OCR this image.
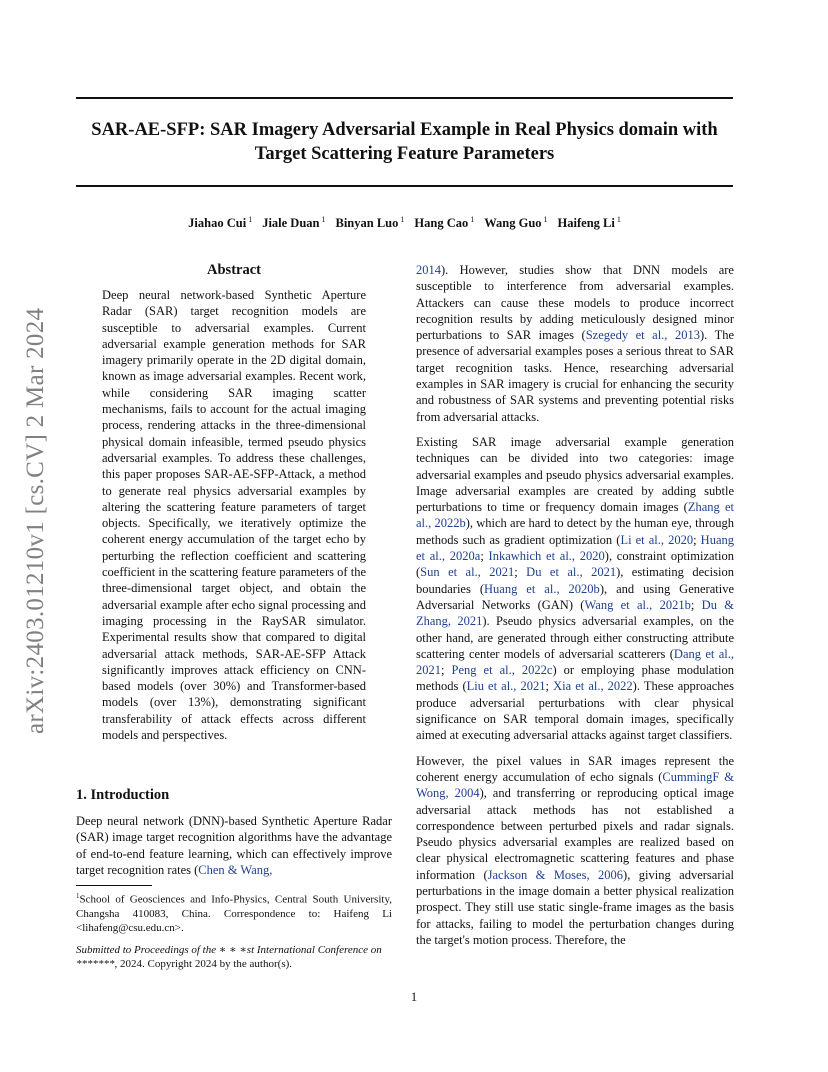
SAR-AE-SFP: SAR Imagery Adversarial Example in Real Physics domain with Target Scattering Feature Parameters
Jiahao Cui $^1$ Jiale Duan $^1$ Binyan Luo $^1$ Hang Cao $^1$ Wang Guo $^1$ Haifeng Li $^1$
arXiv:2403.01210v1 [cs.CV] 2 Mar 2024
Abstract
Deep neural network-based Synthetic Aperture Radar (SAR) target recognition models are susceptible to adversarial examples. Current adversarial example generation methods for SAR imagery primarily operate in the 2D digital domain, known as image adversarial examples. Recent work, while considering SAR imaging scatter mechanisms, fails to account for the actual imaging process, rendering attacks in the three-dimensional physical domain infeasible, termed pseudo physics adversarial examples. To address these challenges, this paper proposes SAR-AE-SFP-Attack, a method to generate real physics adversarial examples by altering the scattering feature parameters of target objects. Specifically, we iteratively optimize the coherent energy accumulation of the target echo by perturbing the reflection coefficient and scattering coefficient in the scattering feature parameters of the three-dimensional target object, and obtain the adversarial example after echo signal processing and imaging processing in the RaySAR simulator. Experimental results show that compared to digital adversarial attack methods, SAR-AE-SFP Attack significantly improves attack efficiency on CNN-based models (over 30%) and Transformer-based models (over 13%), demonstrating significant transferability of attack effects across different models and perspectives.
1. Introduction
Deep neural network (DNN)-based Synthetic Aperture Radar (SAR) image target recognition algorithms have the advantage of end-to-end feature learning, which can effectively improve target recognition rates (Chen & Wang,
$^1$School of Geosciences and Info-Physics, Central South University, Changsha 410083, China. Correspondence to: Haifeng Li <lihafeng@csu.edu.cn>.
Submitted to Proceedings of the ∗ ∗ ∗st International Conference on *******, 2024. Copyright 2024 by the author(s).

2014). However, studies show that DNN models are susceptible to interference from adversarial examples. Attackers can cause these models to produce incorrect recognition results by adding meticulously designed minor perturbations to SAR images (Szegedy et al., 2013). The presence of adversarial examples poses a serious threat to SAR target recognition tasks. Hence, researching adversarial examples in SAR imagery is crucial for enhancing the security and robustness of SAR systems and preventing potential risks from adversarial attacks.

Existing SAR image adversarial example generation techniques can be divided into two categories: image adversarial examples and pseudo physics adversarial examples. Image adversarial examples are created by adding subtle perturbations to time or frequency domain images (Zhang et al., 2022b), which are hard to detect by the human eye, through methods such as gradient optimization (Li et al., 2020; Huang et al., 2020a; Inkawhich et al., 2020), constraint optimization (Sun et al., 2021; Du et al., 2021), estimating decision boundaries (Huang et al., 2020b), and using Generative Adversarial Networks (GAN) (Wang et al., 2021b; Du & Zhang, 2021). Pseudo physics adversarial examples, on the other hand, are generated through either constructing attribute scattering center models of adversarial scatterers (Dang et al., 2021; Peng et al., 2022c) or employing phase modulation methods (Liu et al., 2021; Xia et al., 2022). These approaches produce adversarial perturbations with clear physical significance on SAR temporal domain images, specifically aimed at executing adversarial attacks against target classifiers.

However, the pixel values in SAR images represent the coherent energy accumulation of echo signals (CummingF & Wong, 2004), and transferring or reproducing optical image adversarial attack methods has not established a correspondence between perturbed pixels and radar signals. Pseudo physics adversarial examples are realized based on clear physical electromagnetic scattering features and phase information (Jackson & Moses, 2006), giving adversarial perturbations in the image domain a better physical realization prospect. They still use static single-frame images as the basis for attacks, failing to model the perturbation changes during the target's motion process. Therefore, the

1
